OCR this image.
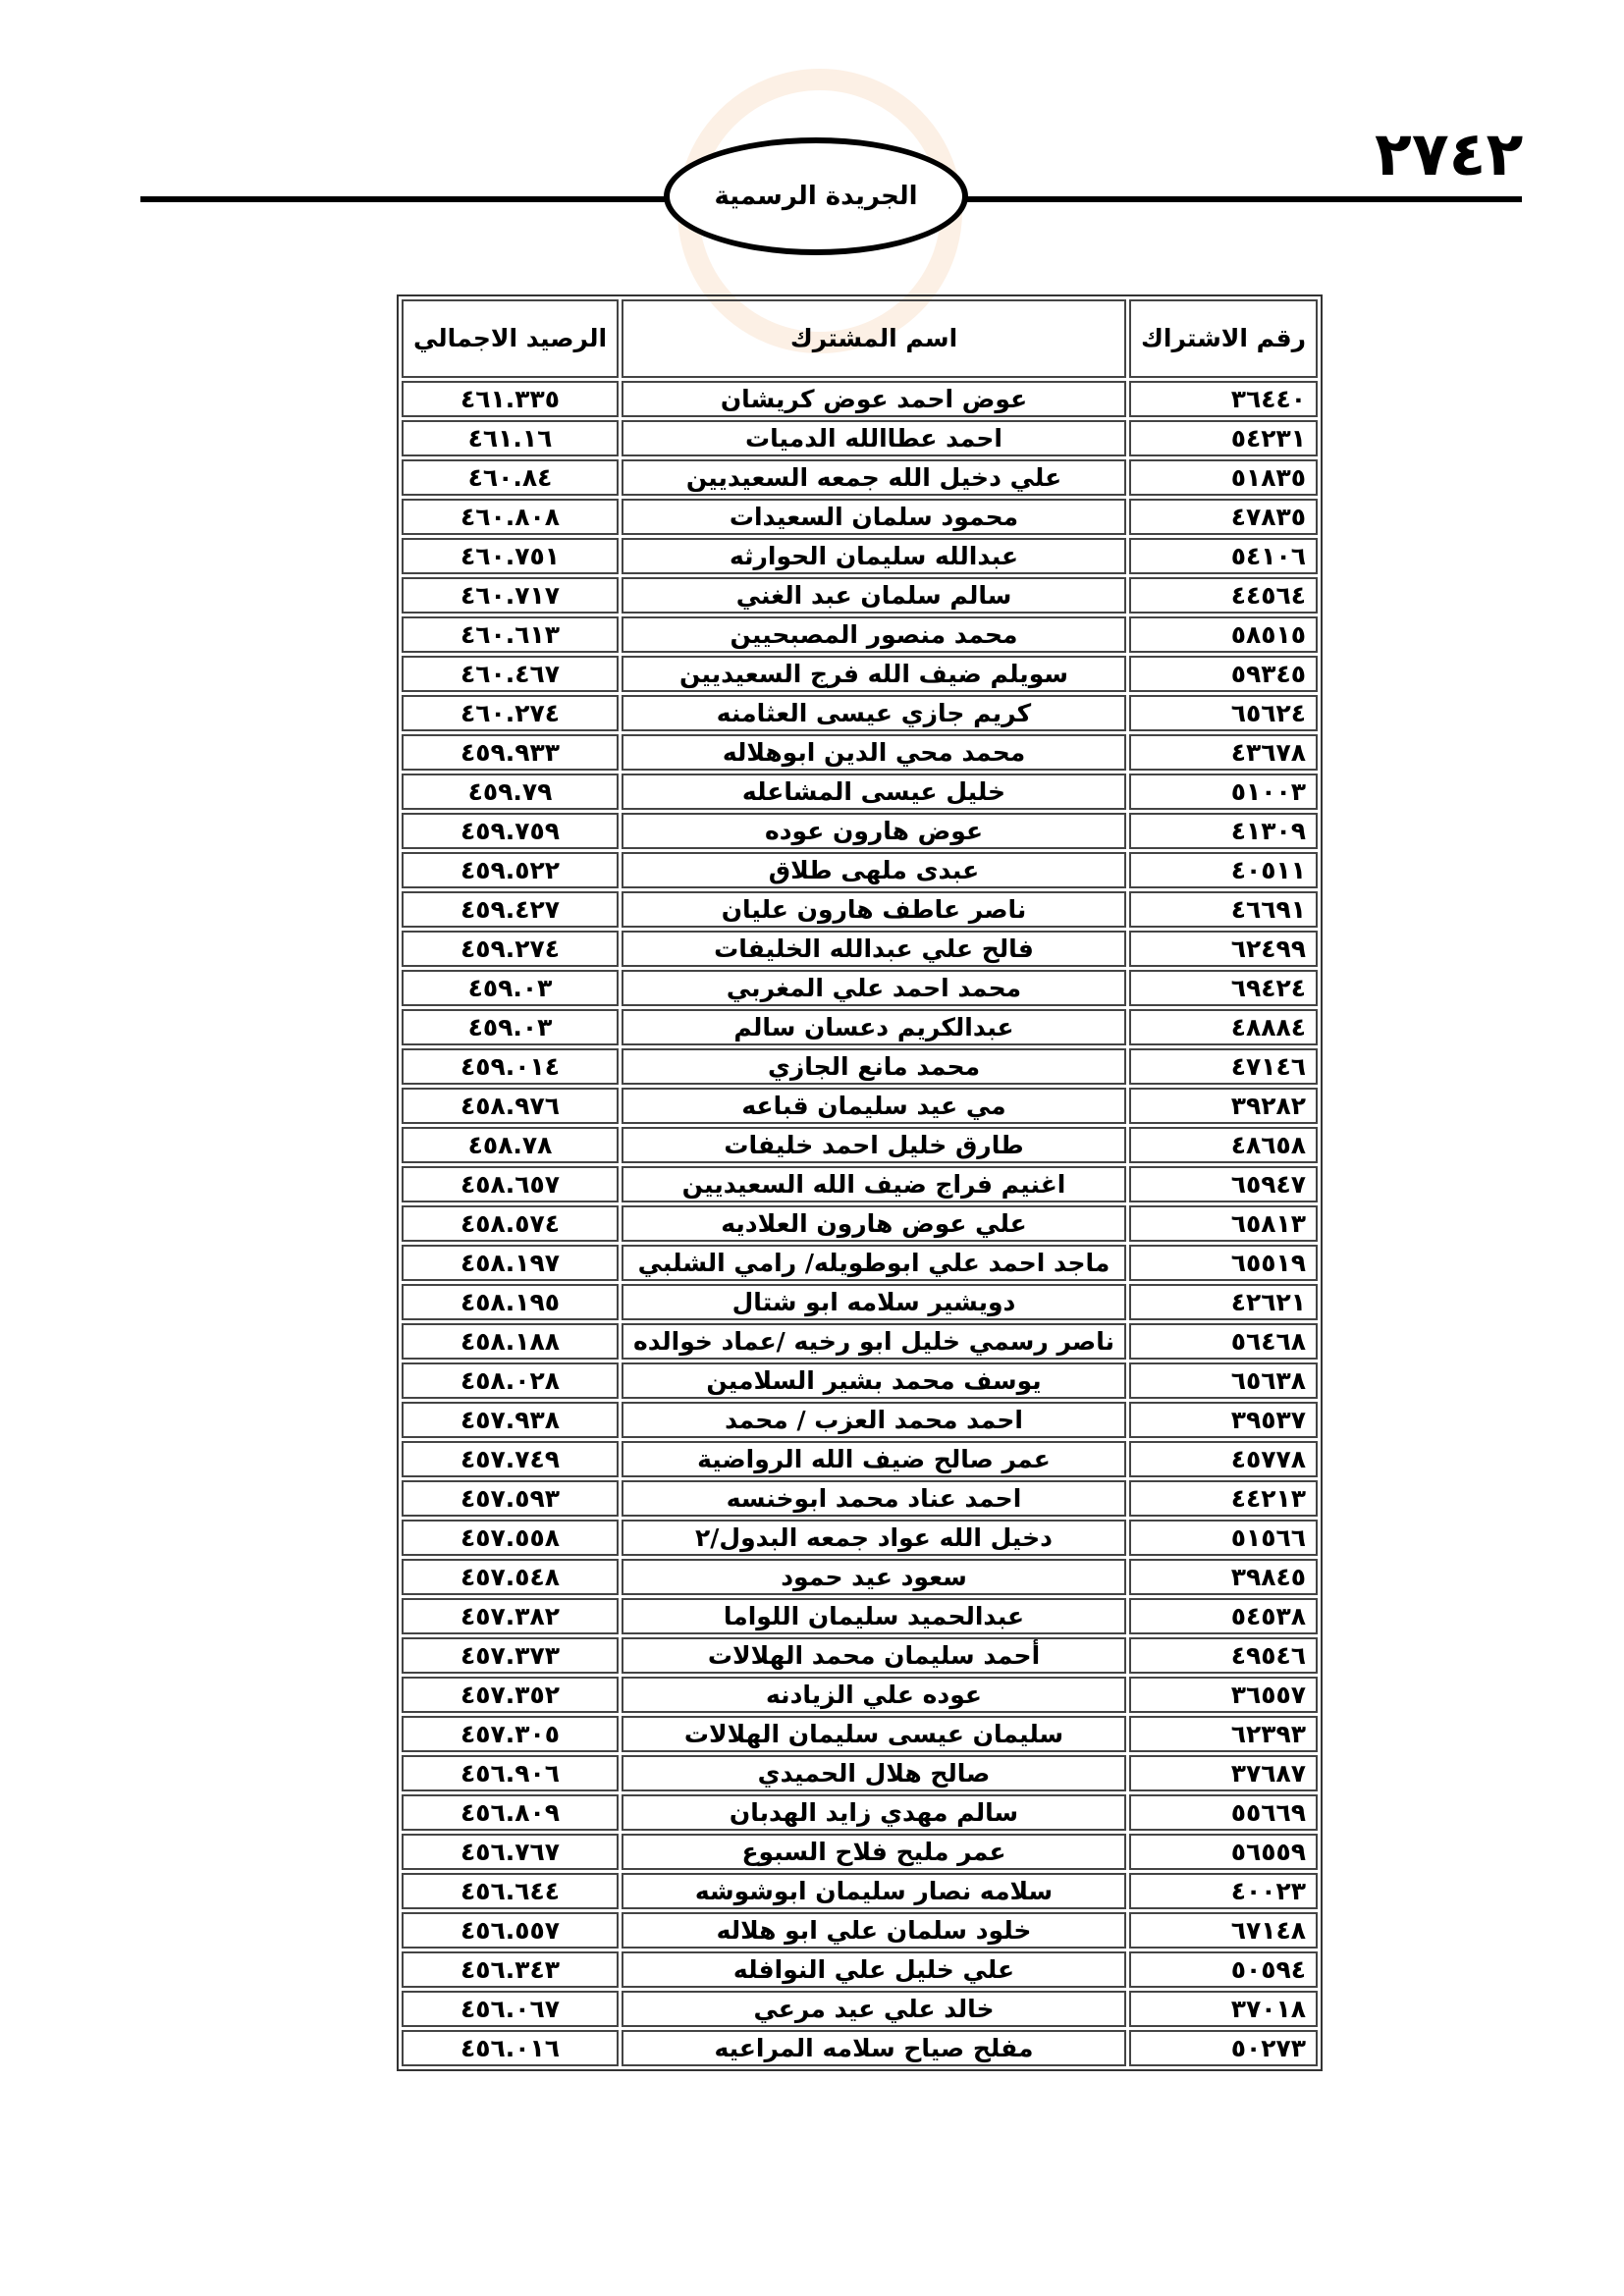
٢٧٤٢
الجريدة الرسمية
رقم الاشتراك	اسم المشترك	الرصيد الاجمالي
٣٦٤٤٠	عوض احمد عوض كريشان	٤٦١.٣٣٥
٥٤٢٣١	احمد عطاالله الدميات	٤٦١.١٦
٥١٨٣٥	علي دخيل الله جمعه السعيديين	٤٦٠.٨٤
٤٧٨٣٥	محمود سلمان السعيدات	٤٦٠.٨٠٨
٥٤١٠٦	عبدالله سليمان الحوارثه	٤٦٠.٧٥١
٤٤٥٦٤	سالم سلمان عبد الغني	٤٦٠.٧١٧
٥٨٥١٥	محمد منصور المصبحيين	٤٦٠.٦١٣
٥٩٣٤٥	سويلم ضيف الله فرج السعيديين	٤٦٠.٤٦٧
٦٥٦٢٤	كريم جازي عيسى العثامنه	٤٦٠.٢٧٤
٤٣٦٧٨	محمد محي الدين ابوهلاله	٤٥٩.٩٣٣
٥١٠٠٣	خليل عيسى المشاعله	٤٥٩.٧٩
٤١٣٠٩	عوض هارون عوده	٤٥٩.٧٥٩
٤٠٥١١	عبدى ملهى طلاق	٤٥٩.٥٢٢
٤٦٦٩١	ناصر عاطف هارون عليان	٤٥٩.٤٢٧
٦٢٤٩٩	فالح علي عبدالله الخليفات	٤٥٩.٢٧٤
٦٩٤٢٤	محمد احمد علي المغربي	٤٥٩.٠٣
٤٨٨٨٤	عبدالكريم دعسان سالم	٤٥٩.٠٣
٤٧١٤٦	محمد مانع الجازي	٤٥٩.٠١٤
٣٩٢٨٢	مي عيد سليمان قباعه	٤٥٨.٩٧٦
٤٨٦٥٨	طارق خليل احمد خليفات	٤٥٨.٧٨
٦٥٩٤٧	اغنيم فراج ضيف الله السعيديين	٤٥٨.٦٥٧
٦٥٨١٣	علي عوض هارون العلاديه	٤٥٨.٥٧٤
٦٥٥١٩	ماجد احمد علي ابوطويله/ رامي الشلبي	٤٥٨.١٩٧
٤٢٦٢١	دويشير سلامه ابو شتال	٤٥٨.١٩٥
٥٦٤٦٨	ناصر رسمي خليل ابو رخيه /عماد خوالده	٤٥٨.١٨٨
٦٥٦٣٨	يوسف محمد بشير السلامين	٤٥٨.٠٢٨
٣٩٥٣٧	احمد محمد العزب / محمد	٤٥٧.٩٣٨
٤٥٧٧٨	عمر صالح ضيف الله الرواضية	٤٥٧.٧٤٩
٤٤٢١٣	احمد عناد محمد ابوخنسه	٤٥٧.٥٩٣
٥١٥٦٦	دخيل الله عواد جمعه البدول/٢	٤٥٧.٥٥٨
٣٩٨٤٥	سعود عيد حمود	٤٥٧.٥٤٨
٥٤٥٣٨	عبدالحميد سليمان اللواما	٤٥٧.٣٨٢
٤٩٥٤٦	أحمد سليمان محمد الهلالات	٤٥٧.٣٧٣
٣٦٥٥٧	عوده علي الزيادنه	٤٥٧.٣٥٢
٦٢٣٩٣	سليمان عيسى سليمان الهلالات	٤٥٧.٣٠٥
٣٧٦٨٧	صالح هلال الحميدي	٤٥٦.٩٠٦
٥٥٦٦٩	سالم مهدي زايد الهدبان	٤٥٦.٨٠٩
٥٦٥٥٩	عمر مليح فلاح السبوع	٤٥٦.٧٦٧
٤٠٠٢٣	سلامه نصار سليمان ابوشوشه	٤٥٦.٦٤٤
٦٧١٤٨	خلود سلمان علي ابو هلاله	٤٥٦.٥٥٧
٥٠٥٩٤	علي خليل علي النوافله	٤٥٦.٣٤٣
٣٧٠١٨	خالد علي عيد مرعي	٤٥٦.٠٦٧
٥٠٢٧٣	مفلح صياح سلامه المراعيه	٤٥٦.٠١٦
